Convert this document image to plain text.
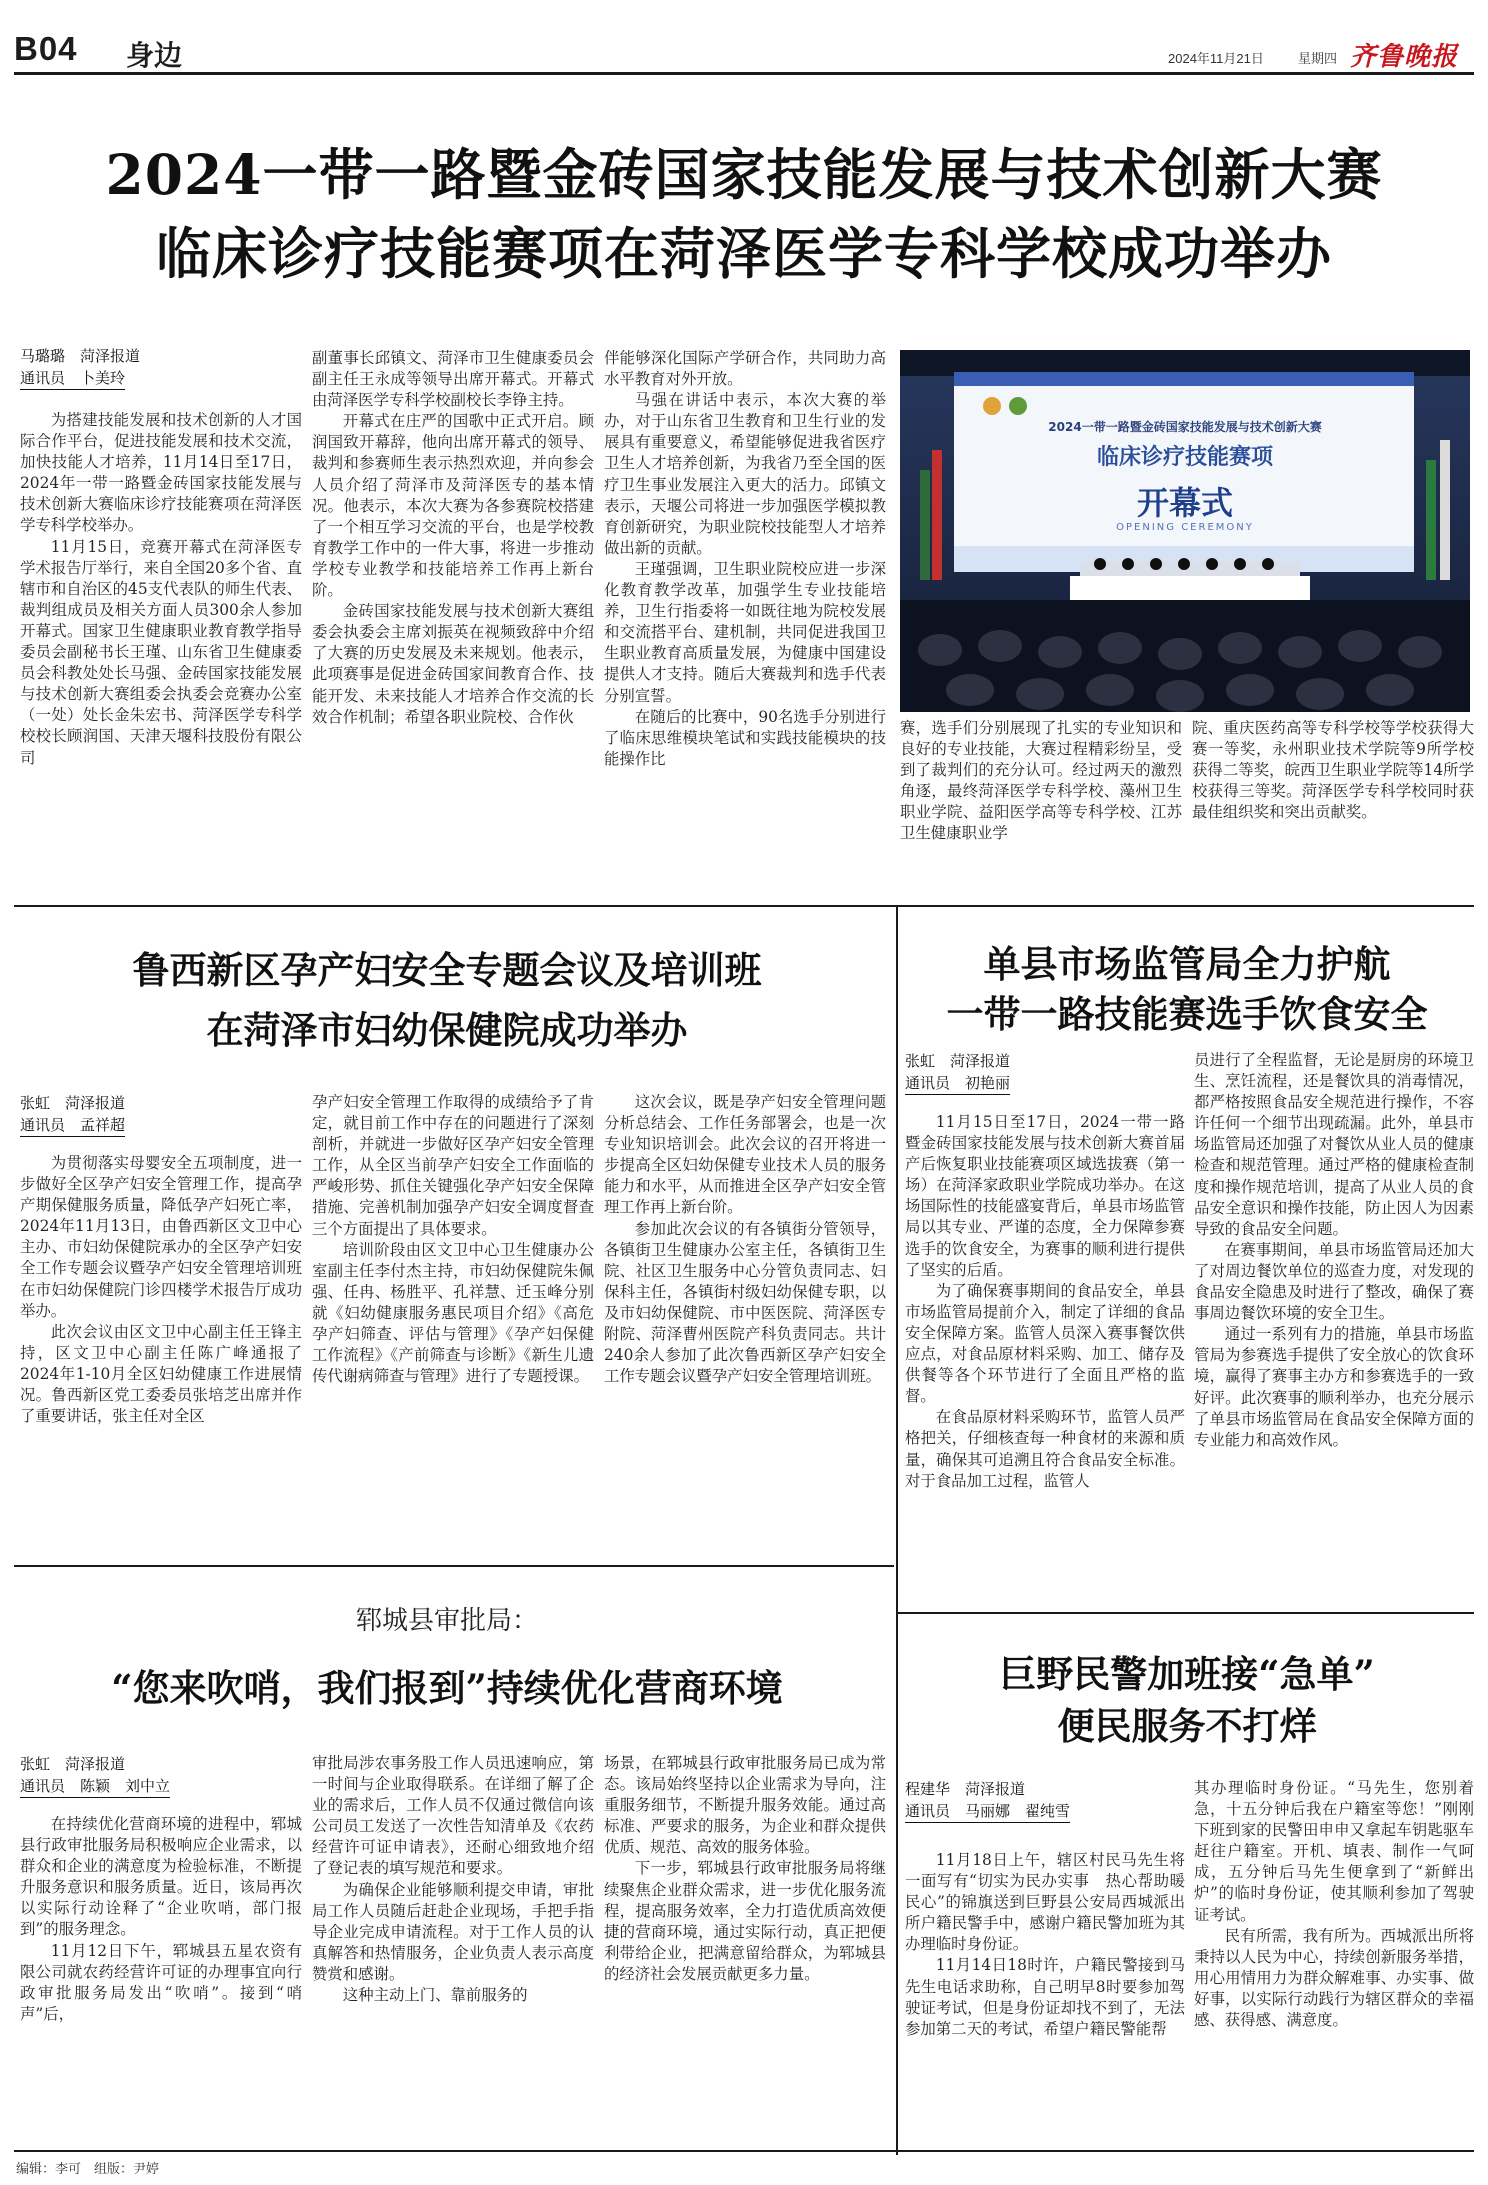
B04 身边	2024年11月21日	星期四 齐鲁晚报
2024一带一路暨金砖国家技能发展与技术创新大赛
临床诊疗技能赛项在菏泽医学专科学校成功举办
马璐璐　菏泽报道
通讯员　卜美玲

为搭建技能发展和技术创新的人才国际合作平台，促进技能发展和技术交流，加快技能人才培养，11月14日至17日，2024年一带一路暨金砖国家技能发展与技术创新大赛临床诊疗技能赛项在菏泽医学专科学校举办。

11月15日，竞赛开幕式在菏泽医专学术报告厅举行，来自全国20多个省、直辖市和自治区的45支代表队的师生代表、裁判组成员及相关方面人员300余人参加开幕式。国家卫生健康职业教育教学指导委员会副秘书长王瑾、山东省卫生健康委员会科教处处长马强、金砖国家技能发展与技术创新大赛组委会执委会竞赛办公室（一处）处长金朱宏书、菏泽医学专科学校校长顾润国、天津天堰科技股份有限公司

副董事长邱镇文、菏泽市卫生健康委员会副主任王永成等领导出席开幕式。开幕式由菏泽医学专科学校副校长李铮主持。

开幕式在庄严的国歌中正式开启。顾润国致开幕辞，他向出席开幕式的领导、裁判和参赛师生表示热烈欢迎，并向参会人员介绍了菏泽市及菏泽医专的基本情况。他表示，本次大赛为各参赛院校搭建了一个相互学习交流的平台，也是学校教育教学工作中的一件大事，将进一步推动学校专业教学和技能培养工作再上新台阶。

金砖国家技能发展与技术创新大赛组委会执委会主席刘振英在视频致辞中介绍了大赛的历史发展及未来规划。他表示，此项赛事是促进金砖国家间教育合作、技能开发、未来技能人才培养合作交流的长效合作机制；希望各职业院校、合作伙

伴能够深化国际产学研合作，共同助力高水平教育对外开放。

马强在讲话中表示，本次大赛的举办，对于山东省卫生教育和卫生行业的发展具有重要意义，希望能够促进我省医疗卫生人才培养创新，为我省乃至全国的医疗卫生事业发展注入更大的活力。邱镇文表示，天堰公司将进一步加强医学模拟教育创新研究，为职业院校技能型人才培养做出新的贡献。

王瑾强调，卫生职业院校应进一步深化教育教学改革，加强学生专业技能培养，卫生行指委将一如既往地为院校发展和交流搭平台、建机制，共同促进我国卫生职业教育高质量发展，为健康中国建设提供人才支持。随后大赛裁判和选手代表分别宣誓。

在随后的比赛中，90名选手分别进行了临床思维模块笔试和实践技能模块的技能操作比

2024一带一路暨金砖国家技能发展与技术创新大赛
临床诊疗技能赛项
开幕式
OPENING CEREMONY

赛，选手们分别展现了扎实的专业知识和良好的专业技能，大赛过程精彩纷呈，受到了裁判们的充分认可。经过两天的激烈角逐，最终菏泽医学专科学校、藻州卫生职业学院、益阳医学高等专科学校、江苏卫生健康职业学

院、重庆医药高等专科学校等学校获得大赛一等奖，永州职业技术学院等9所学校获得二等奖，皖西卫生职业学院等14所学校获得三等奖。菏泽医学专科学校同时获最佳组织奖和突出贡献奖。

鲁西新区孕产妇安全专题会议及培训班
在菏泽市妇幼保健院成功举办
张虹　菏泽报道
通讯员　孟祥超

为贯彻落实母婴安全五项制度，进一步做好全区孕产妇安全管理工作，提高孕产期保健服务质量，降低孕产妇死亡率，2024年11月13日，由鲁西新区文卫中心主办、市妇幼保健院承办的全区孕产妇安全工作专题会议暨孕产妇安全管理培训班在市妇幼保健院门诊四楼学术报告厅成功举办。

此次会议由区文卫中心副主任王锋主持，区文卫中心副主任陈广峰通报了2024年1-10月全区妇幼健康工作进展情况。鲁西新区党工委委员张培芝出席并作了重要讲话，张主任对全区

孕产妇安全管理工作取得的成绩给予了肯定，就目前工作中存在的问题进行了深刻剖析，并就进一步做好区孕产妇安全管理工作，从全区当前孕产妇安全工作面临的严峻形势、抓住关键强化孕产妇安全保障措施、完善机制加强孕产妇安全调度督查三个方面提出了具体要求。

培训阶段由区文卫中心卫生健康办公室副主任李付杰主持，市妇幼保健院朱佩强、任冉、杨胜平、孔祥慧、迁玉峰分别就《妇幼健康服务惠民项目介绍》《高危孕产妇筛查、评估与管理》《孕产妇保健工作流程》《产前筛查与诊断》《新生儿遗传代谢病筛查与管理》进行了专题授课。

这次会议，既是孕产妇安全管理问题分析总结会、工作任务部署会，也是一次专业知识培训会。此次会议的召开将进一步提高全区妇幼保健专业技术人员的服务能力和水平，从而推进全区孕产妇安全管理工作再上新台阶。

参加此次会议的有各镇街分管领导，各镇街卫生健康办公室主任，各镇街卫生院、社区卫生服务中心分管负责同志、妇保科主任，各镇街村级妇幼保健专职，以及市妇幼保健院、市中医医院、菏泽医专附院、菏泽曹州医院产科负责同志。共计240余人参加了此次鲁西新区孕产妇安全工作专题会议暨孕产妇安全管理培训班。

单县市场监管局全力护航
一带一路技能赛选手饮食安全
张虹　菏泽报道
通讯员　初艳丽

11月15日至17日，2024一带一路暨金砖国家技能发展与技术创新大赛首届产后恢复职业技能赛项区域选拔赛（第一场）在菏泽家政职业学院成功举办。在这场国际性的技能盛宴背后，单县市场监管局以其专业、严谨的态度，全力保障参赛选手的饮食安全，为赛事的顺利进行提供了坚实的后盾。

为了确保赛事期间的食品安全，单县市场监管局提前介入，制定了详细的食品安全保障方案。监管人员深入赛事餐饮供应点，对食品原材料采购、加工、储存及供餐等各个环节进行了全面且严格的监督。

在食品原材料采购环节，监管人员严格把关，仔细核查每一种食材的来源和质量，确保其可追溯且符合食品安全标准。对于食品加工过程，监管人

员进行了全程监督，无论是厨房的环境卫生、烹饪流程，还是餐饮具的消毒情况，都严格按照食品安全规范进行操作，不容许任何一个细节出现疏漏。此外，单县市场监管局还加强了对餐饮从业人员的健康检查和规范管理。通过严格的健康检查制度和操作规范培训，提高了从业人员的食品安全意识和操作技能，防止因人为因素导致的食品安全问题。

在赛事期间，单县市场监管局还加大了对周边餐饮单位的巡查力度，对发现的食品安全隐患及时进行了整改，确保了赛事周边餐饮环境的安全卫生。

通过一系列有力的措施，单县市场监管局为参赛选手提供了安全放心的饮食环境，赢得了赛事主办方和参赛选手的一致好评。此次赛事的顺利举办，也充分展示了单县市场监管局在食品安全保障方面的专业能力和高效作风。

郓城县审批局：
“您来吹哨，我们报到”持续优化营商环境
张虹　菏泽报道
通讯员　陈颖　刘中立

在持续优化营商环境的进程中，郓城县行政审批服务局积极响应企业需求，以群众和企业的满意度为检验标准，不断提升服务意识和服务质量。近日，该局再次以实际行动诠释了“企业吹哨，部门报到”的服务理念。

11月12日下午，郓城县五星农资有限公司就农药经营许可证的办理事宜向行政审批服务局发出“吹哨”。接到“哨声”后，

审批局涉农事务股工作人员迅速响应，第一时间与企业取得联系。在详细了解了企业的需求后，工作人员不仅通过微信向该公司员工发送了一次性告知清单及《农药经营许可证申请表》，还耐心细致地介绍了登记表的填写规范和要求。

为确保企业能够顺利提交申请，审批局工作人员随后赶赴企业现场，手把手指导企业完成申请流程。对于工作人员的认真解答和热情服务，企业负责人表示高度赞赏和感谢。

这种主动上门、靠前服务的

场景，在郓城县行政审批服务局已成为常态。该局始终坚持以企业需求为导向，注重服务细节，不断提升服务效能。通过高标准、严要求的服务，为企业和群众提供优质、规范、高效的服务体验。

下一步，郓城县行政审批服务局将继续聚焦企业群众需求，进一步优化服务流程，提高服务效率，全力打造优质高效便捷的营商环境，通过实际行动，真正把便利带给企业，把满意留给群众，为郓城县的经济社会发展贡献更多力量。

巨野民警加班接“急单”
便民服务不打烊
程建华　菏泽报道
通讯员　马丽娜　翟纯雪

11月18日上午，辖区村民马先生将一面写有“切实为民办实事　热心帮助暖民心”的锦旗送到巨野县公安局西城派出所户籍民警手中，感谢户籍民警加班为其办理临时身份证。

11月14日18时许，户籍民警接到马先生电话求助称，自己明早8时要参加驾驶证考试，但是身份证却找不到了，无法参加第二天的考试，希望户籍民警能帮

其办理临时身份证。“马先生，您别着急，十五分钟后我在户籍室等您！”刚刚下班到家的民警田申申又拿起车钥匙驱车赶往户籍室。开机、填表、制作一气呵成，五分钟后马先生便拿到了“新鲜出炉”的临时身份证，使其顺利参加了驾驶证考试。

民有所需，我有所为。西城派出所将秉持以人民为中心，持续创新服务举措，用心用情用力为群众解难事、办实事、做好事，以实际行动践行为辖区群众的幸福感、获得感、满意度。

编辑：李可　组版：尹婷
